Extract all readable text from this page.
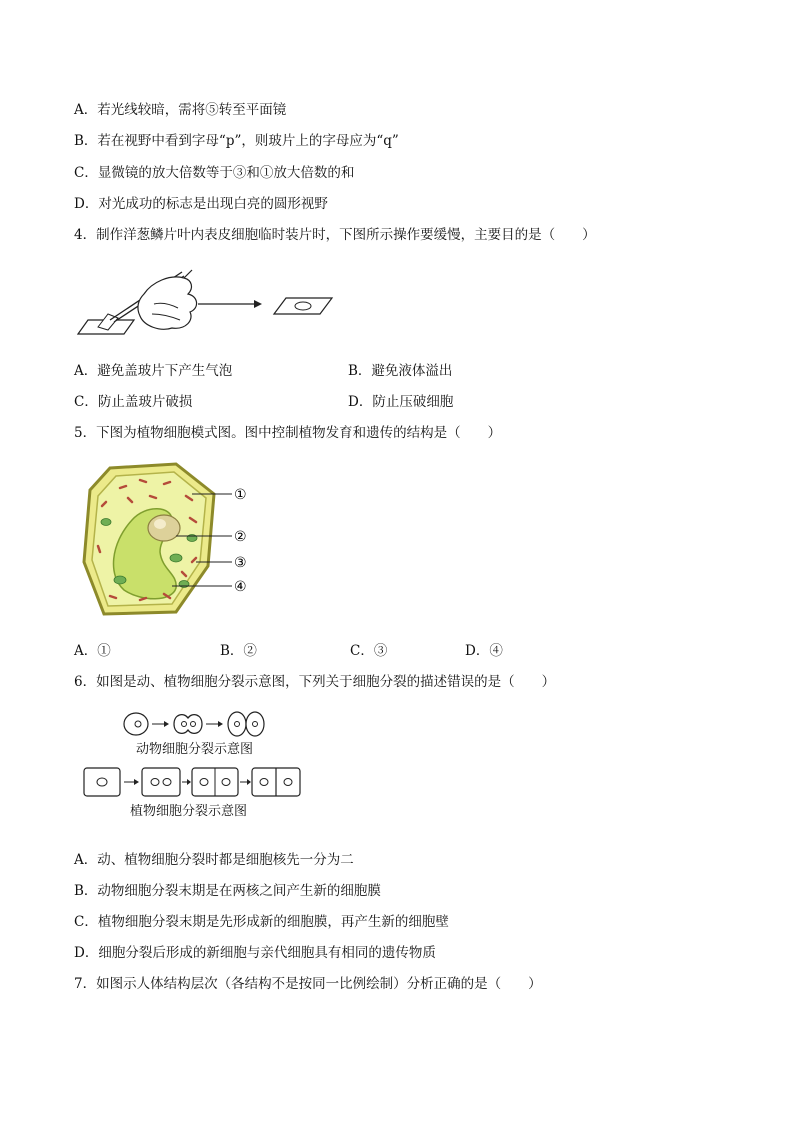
A．若光线较暗，需将⑤转至平面镜
B．若在视野中看到字母“p”，则玻片上的字母应为“q”
C．显微镜的放大倍数等于③和①放大倍数的和
D．对光成功的标志是出现白亮的圆形视野
4．制作洋葱鳞片叶内表皮细胞临时装片时，下图所示操作要缓慢，主要目的是（　　）
A．避免盖玻片下产生气泡	B．避免液体溢出
C．防止盖玻片破损	D．防止压破细胞
5．下图为植物细胞模式图。图中控制植物发育和遗传的结构是（　　）
①
②
③
④
A．①	B．②	C．③	D．④
6．如图是动、植物细胞分裂示意图，下列关于细胞分裂的描述错误的是（　　）
动物细胞分裂示意图
植物细胞分裂示意图
A．动、植物细胞分裂时都是细胞核先一分为二
B．动物细胞分裂末期是在两核之间产生新的细胞膜
C．植物细胞分裂末期是先形成新的细胞膜，再产生新的细胞壁
D．细胞分裂后形成的新细胞与亲代细胞具有相同的遗传物质
7．如图示人体结构层次（各结构不是按同一比例绘制）分析正确的是（　　）
